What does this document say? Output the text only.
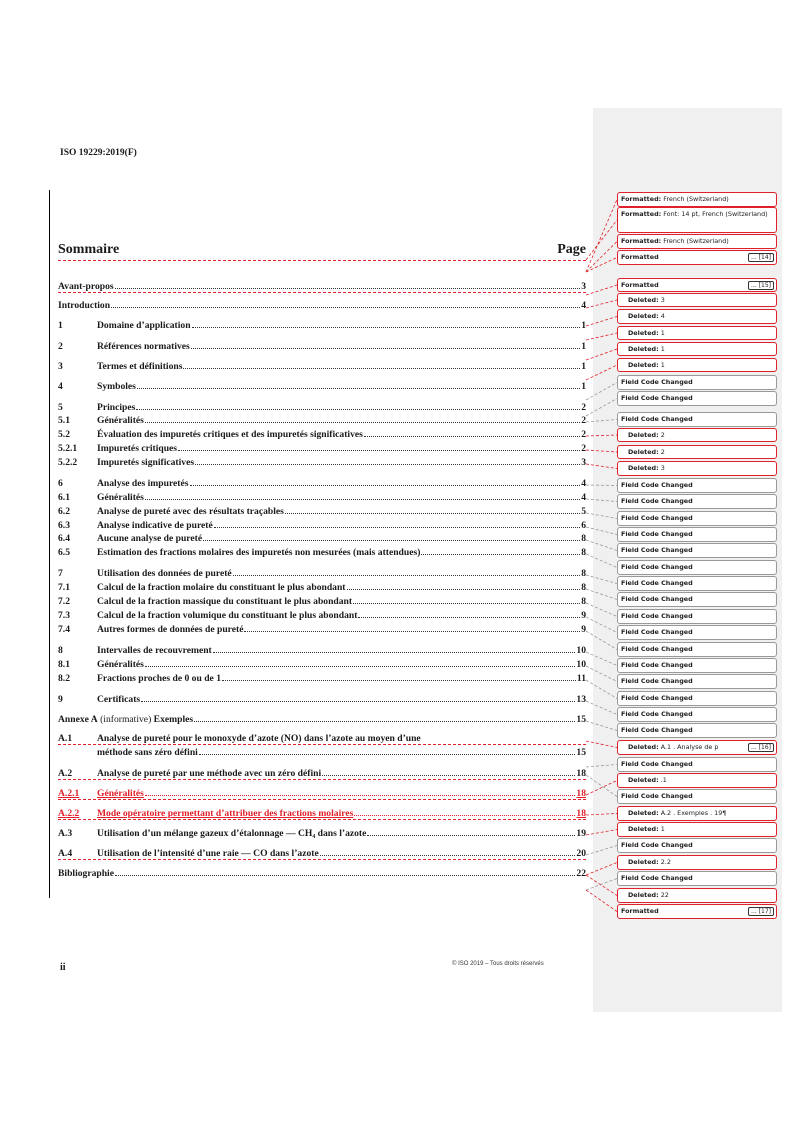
ISO 19229:2019(F)
Sommaire	Page
Avant-propos	3
Introduction	4
1	Domaine d’application	1
2	Références normatives	1
3	Termes et définitions	1
4	Symboles	1
5	Principes	2
5.1	Généralités	2
5.2	Évaluation des impuretés critiques et des impuretés significatives	2
5.2.1	Impuretés critiques	2
5.2.2	Impuretés significatives	3
6	Analyse des impuretés	4
6.1	Généralités	4
6.2	Analyse de pureté avec des résultats traçables	5
6.3	Analyse indicative de pureté	6
6.4	Aucune analyse de pureté	8
6.5	Estimation des fractions molaires des impuretés non mesurées (mais attendues)	8
7	Utilisation des données de pureté	8
7.1	Calcul de la fraction molaire du constituant le plus abondant	8
7.2	Calcul de la fraction massique du constituant le plus abondant	8
7.3	Calcul de la fraction volumique du constituant le plus abondant	9
7.4	Autres formes de données de pureté	9
8	Intervalles de recouvrement	10
8.1	Généralités	10
8.2	Fractions proches de 0 ou de 1	11
9	Certificats	13
Annexe A (informative) Exemples	15
A.1	Analyse de pureté pour le monoxyde d’azote (NO) dans l’azote au moyen d’une
méthode sans zéro défini	15
A.2	Analyse de pureté par une méthode avec un zéro défini	18
A.2.1	Généralités	18
A.2.2	Mode opératoire permettant d’attribuer des fractions molaires	18
A.3	Utilisation d’un mélange gazeux d’étalonnage — CH₄ dans l’azote	19
A.4	Utilisation de l’intensité d’une raie — CO dans l’azote	20
Bibliographie	22
Formatted: French (Switzerland)
Formatted: Font: 14 pt, French (Switzerland)
Formatted: French (Switzerland)
Formatted	... [14]
Formatted	... [15]
Deleted: 3
Deleted: 4
Deleted: 1
Deleted: 1
Deleted: 1
Field Code Changed
Field Code Changed
Field Code Changed
Deleted: 2
Deleted: 2
Deleted: 3
Field Code Changed
Field Code Changed
Field Code Changed
Field Code Changed
Field Code Changed
Field Code Changed
Field Code Changed
Field Code Changed
Field Code Changed
Field Code Changed
Field Code Changed
Field Code Changed
Field Code Changed
Field Code Changed
Field Code Changed
Field Code Changed
Deleted: A.1 . Analyse de p	... [16]
Field Code Changed
Deleted: .1
Field Code Changed
Deleted: A.2 . Exemples . 19¶
Deleted: 1
Field Code Changed
Deleted: 2.2
Field Code Changed
Deleted: 22
Formatted	... [17]
ii	© ISO 2019 – Tous droits réservés
